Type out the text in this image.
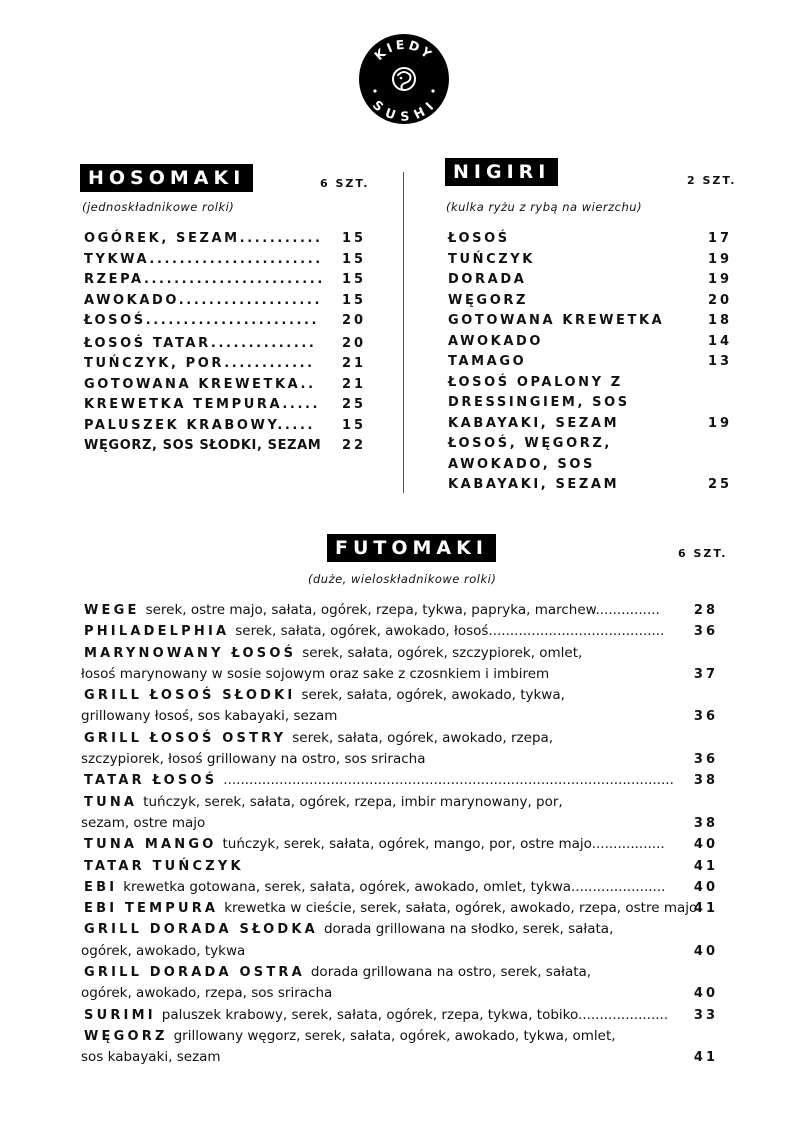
KIEDY
SUSHI
HOSOMAKI	6 SZT.
(jednoskładnikowe rolki)
OGÓREK, SEZAM........... 15
TYKWA....................... 15
RZEPA........................ 15
AWOKADO................... 15
ŁOSOŚ....................... 20
ŁOSOŚ TATAR.............. 20
TUŃCZYK, POR............ 21
GOTOWANA KREWETKA.. 21
KREWETKA TEMPURA..... 25
PALUSZEK KRABOWY..... 15
WĘGORZ, SOS SŁODKI, SEZAM 22
NIGIRI	2 SZT.
(kulka ryżu z rybą na wierzchu)
ŁOSOŚ	17
TUŃCZYK	19
DORADA	19
WĘGORZ	20
GOTOWANA KREWETKA	18
AWOKADO	14
TAMAGO	13
ŁOSOŚ OPALONY Z
DRESSINGIEM, SOS
KABAYAKI, SEZAM	19
ŁOSOŚ, WĘGORZ,
AWOKADO, SOS
KABAYAKI, SEZAM	25
FUTOMAKI	6 SZT.
(duże, wieloskładnikowe rolki)
WEGE serek, ostre majo, sałata, ogórek, rzepa, tykwa, papryka, marchew...............	28
PHILADELPHIA serek, sałata, ogórek, awokado, łosoś......................................... 36
MARYNOWANY ŁOSOŚ serek, sałata, ogórek, szczypiorek, omlet,
łosoś marynowany w sosie sojowym oraz sake z czosnkiem i imbirem	37
GRILL ŁOSOŚ SŁODKI serek, sałata, ogórek, awokado, tykwa,
grillowany łosoś, sos kabayaki, sezam	36
GRILL ŁOSOŚ OSTRY serek, sałata, ogórek, awokado, rzepa,
szczypiorek, łosoś grillowany na ostro, sos sriracha	36
TATAR ŁOSOŚ ......................................................................................................... 38
TUNA tuńczyk, serek, sałata, ogórek, rzepa, imbir marynowany, por,
sezam, ostre majo	38
TUNA MANGO tuńczyk, serek, sałata, ogórek, mango, por, ostre majo................. 40
TATAR TUŃCZYK	41
EBI krewetka gotowana, serek, sałata, ogórek, awokado, omlet, tykwa...................... 40
EBI TEMPURA krewetka w cieście, serek, sałata, ogórek, awokado, rzepa, ostre majo
41
GRILL DORADA SŁODKA dorada grillowana na słodko, serek, sałata,
ogórek, awokado, tykwa	40
GRILL DORADA OSTRA dorada grillowana na ostro, serek, sałata,
ogórek, awokado, rzepa, sos sriracha	40
SURIMI paluszek krabowy, serek, sałata, ogórek, rzepa, tykwa, tobiko..................... 33
WĘGORZ grillowany węgorz, serek, sałata, ogórek, awokado, tykwa, omlet,
sos kabayaki, sezam	41
